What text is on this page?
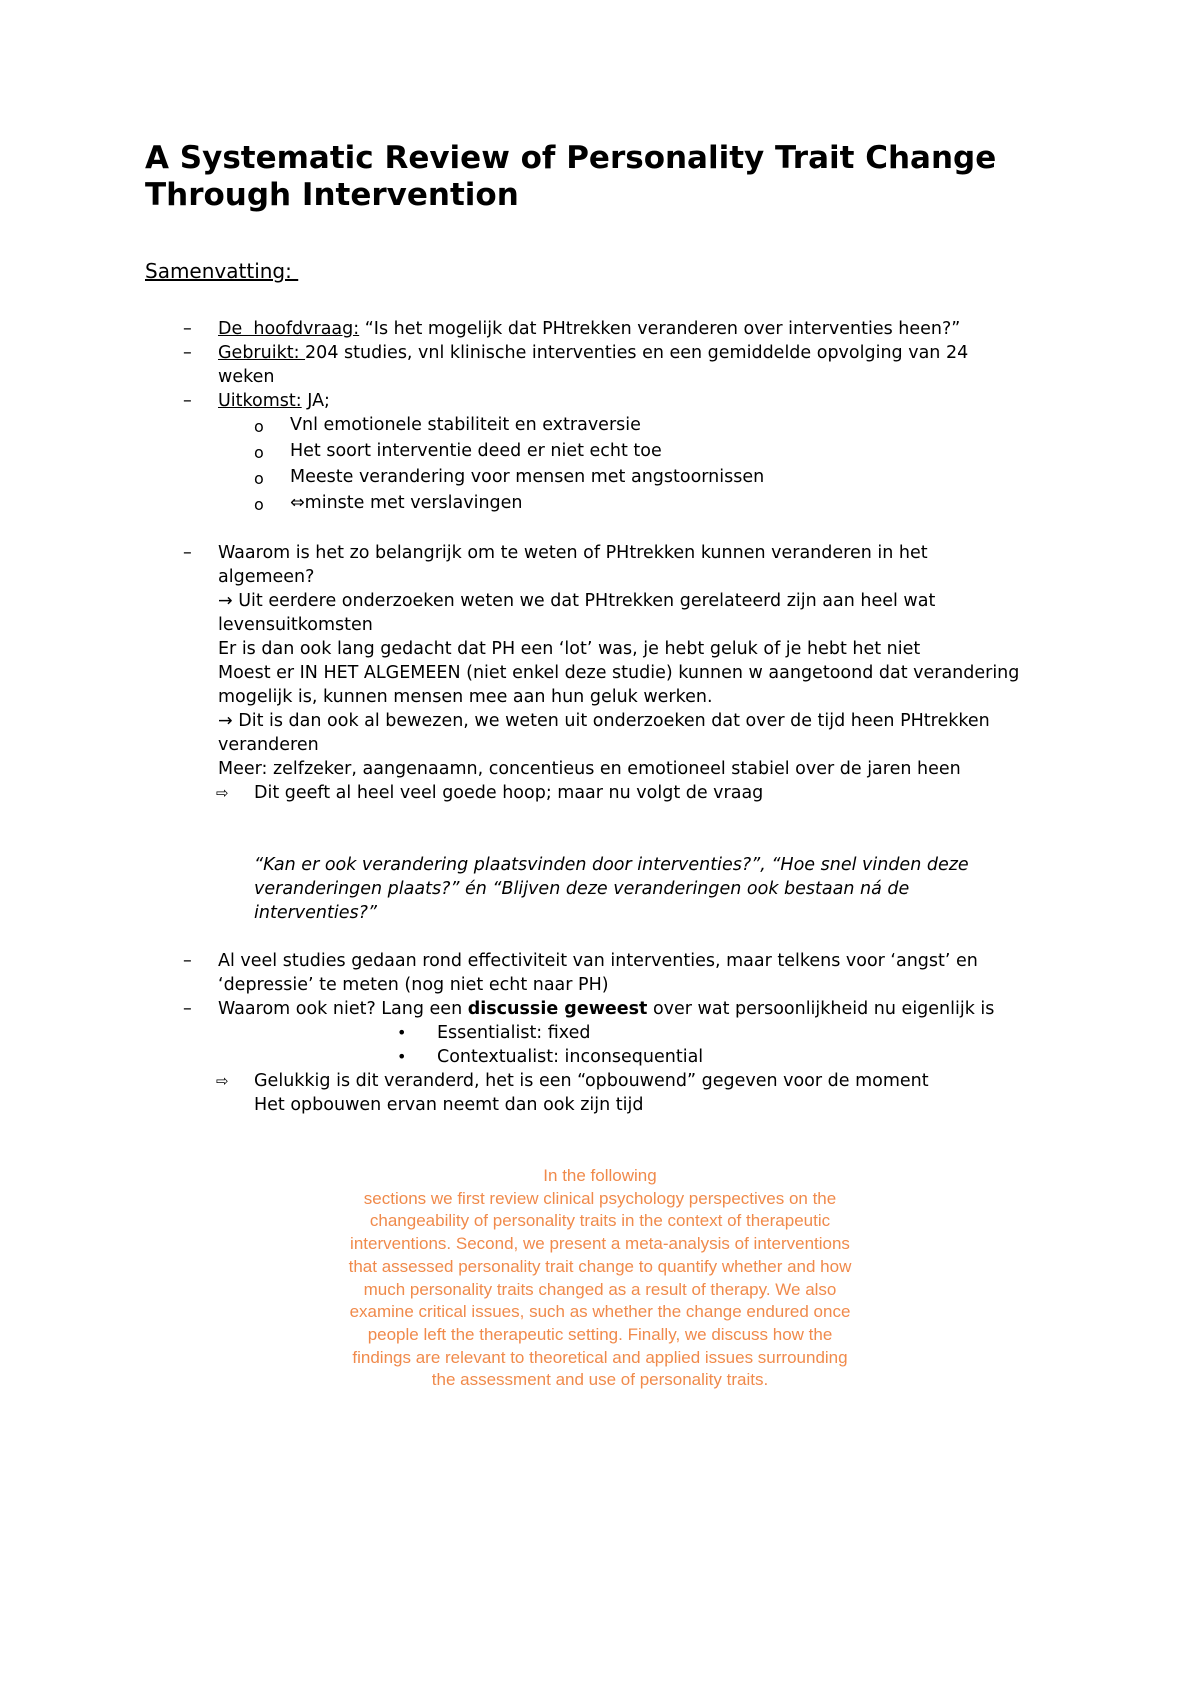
A Systematic Review of Personality Trait Change
Through Intervention
Samenvatting:
– De  hoofdvraag: “Is het mogelijk dat PHtrekken veranderen over interventies heen?”
– Gebruikt: 204 studies, vnl klinische interventies en een gemiddelde opvolging van 24
weken
– Uitkomst: JA;
o Vnl emotionele stabiliteit en extraversie
o Het soort interventie deed er niet echt toe
o Meeste verandering voor mensen met angstoornissen
o ⇔minste met verslavingen
– Waarom is het zo belangrijk om te weten of PHtrekken kunnen veranderen in het
algemeen?
→ Uit eerdere onderzoeken weten we dat PHtrekken gerelateerd zijn aan heel wat
levensuitkomsten
Er is dan ook lang gedacht dat PH een ‘lot’ was, je hebt geluk of je hebt het niet
Moest er IN HET ALGEMEEN (niet enkel deze studie) kunnen w aangetoond dat verandering
mogelijk is, kunnen mensen mee aan hun geluk werken.
→ Dit is dan ook al bewezen, we weten uit onderzoeken dat over de tijd heen PHtrekken
veranderen
Meer: zelfzeker, aangenaamn, concentieus en emotioneel stabiel over de jaren heen
⇨ Dit geeft al heel veel goede hoop; maar nu volgt de vraag
“Kan er ook verandering plaatsvinden door interventies?”, “Hoe snel vinden deze
veranderingen plaats?” én “Blijven deze veranderingen ook bestaan ná de
interventies?”
– Al veel studies gedaan rond effectiviteit van interventies, maar telkens voor ‘angst’ en
‘depressie’ te meten (nog niet echt naar PH)
– Waarom ook niet? Lang een discussie geweest over wat persoonlijkheid nu eigenlijk is
• Essentialist: fixed
• Contextualist: inconsequential
⇨ Gelukkig is dit veranderd, het is een “opbouwend” gegeven voor de moment
Het opbouwen ervan neemt dan ook zijn tijd
In the following
sections we first review clinical psychology perspectives on the
changeability of personality traits in the context of therapeutic
interventions. Second, we present a meta-analysis of interventions
that assessed personality trait change to quantify whether and how
much personality traits changed as a result of therapy. We also
examine critical issues, such as whether the change endured once
people left the therapeutic setting. Finally, we discuss how the
findings are relevant to theoretical and applied issues surrounding
the assessment and use of personality traits.
